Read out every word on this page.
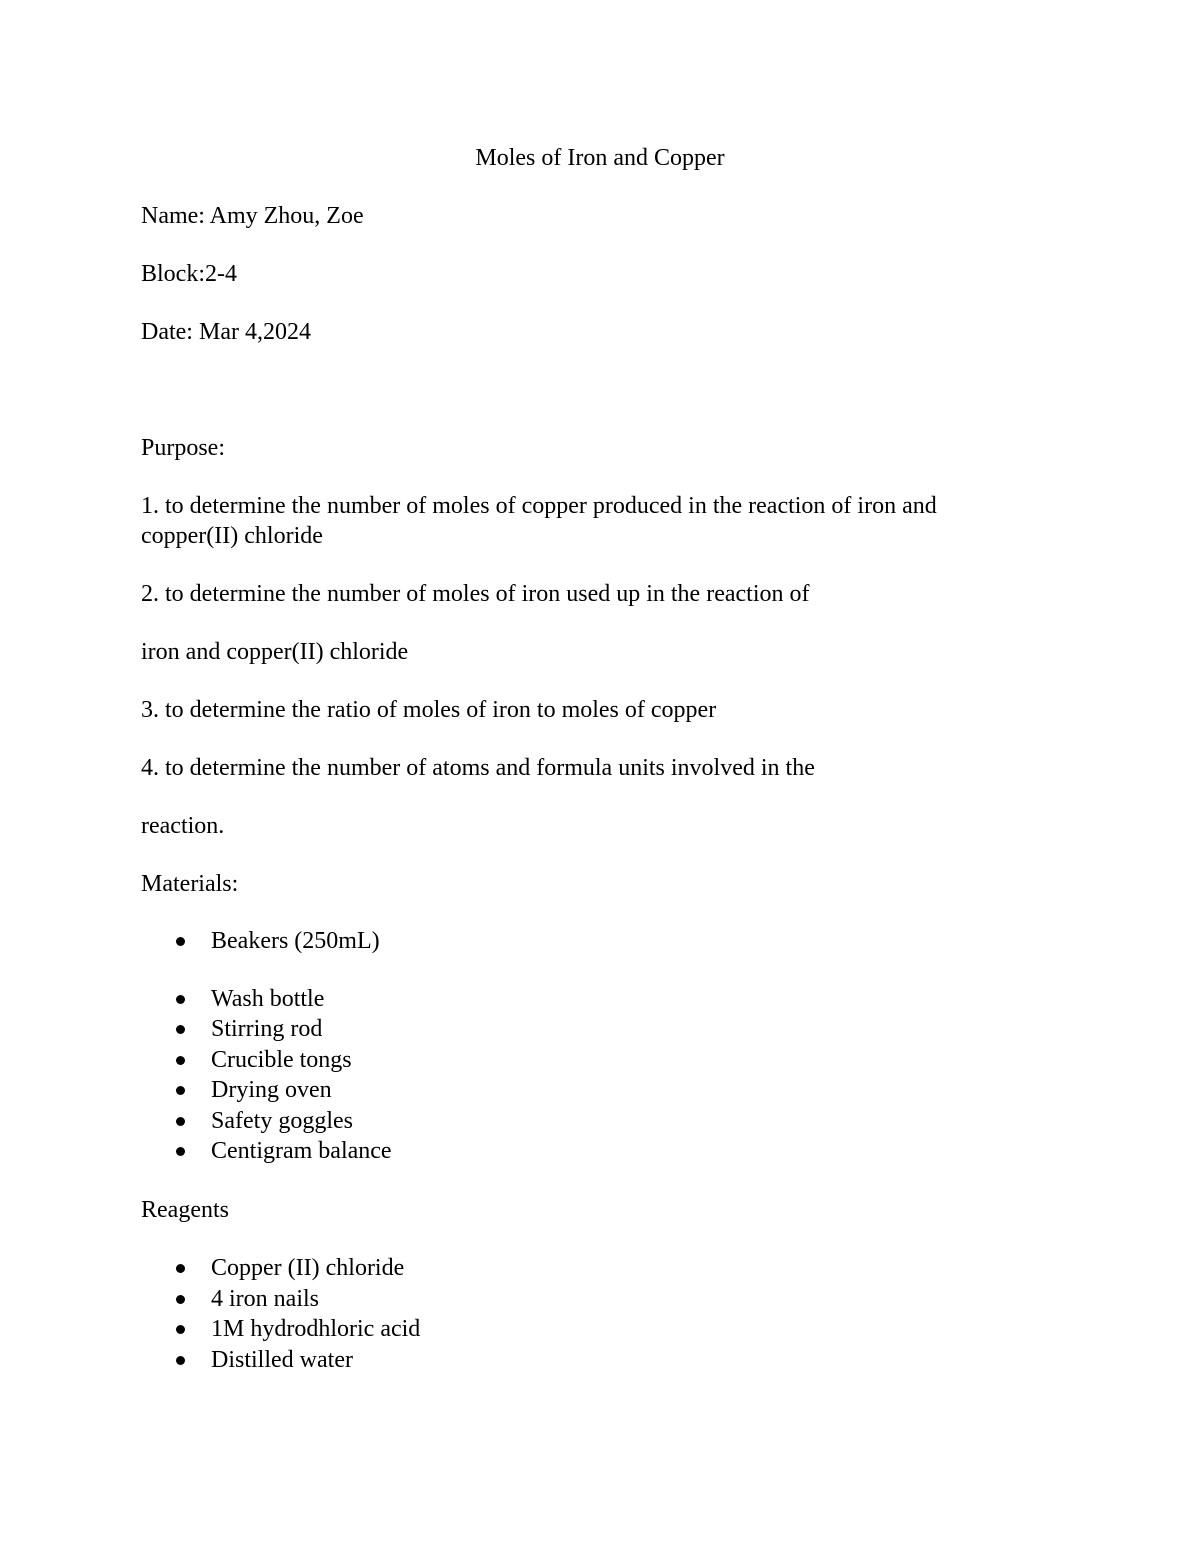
Moles of Iron and Copper

Name: Amy Zhou, Zoe

Block:2-4

Date: Mar 4,2024

Purpose:

1. to determine the number of moles of copper produced in the reaction of iron and

copper(II) chloride

2. to determine the number of moles of iron used up in the reaction of

iron and copper(II) chloride

3. to determine the ratio of moles of iron to moles of copper

4. to determine the number of atoms and formula units involved in the

reaction.

Materials:

Beakers (250mL)
Wash bottle
Stirring rod
Crucible tongs
Drying oven
Safety goggles
Centigram balance

Reagents

Copper (II) chloride
4 iron nails
1M hydrodhloric acid
Distilled water
